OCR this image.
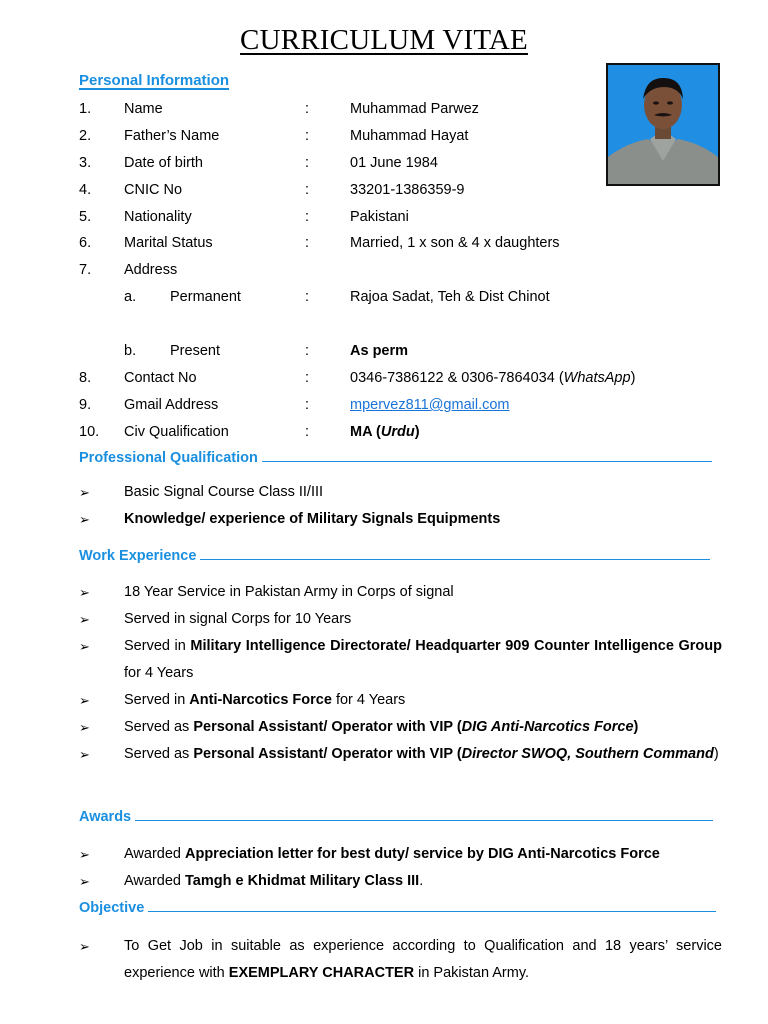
CURRICULUM VITAE
Personal Information
1. Name	:	Muhammad Parwez
2. Father’s Name	:	Muhammad Hayat
3. Date of birth	:	01 June 1984
4. CNIC No	:	33201-1386359-9
5. Nationality	:	Pakistani
6. Marital Status	:	Married, 1 x son & 4 x daughters
7. Address
a. Permanent	:	Rajoa Sadat, Teh & Dist Chinot
b. Present	:	As perm
8. Contact No	:	0346-7386122 & 0306-7864034 (WhatsApp)
9. Gmail Address	:	mpervez811@gmail.com
10. Civ Qualification	:	MA (Urdu)
Professional Qualification
➢ Basic Signal Course Class II/III
➢ Knowledge/ experience of Military Signals Equipments
Work Experience
➢ 18 Year Service in Pakistan Army in Corps of signal
➢ Served in signal Corps for 10 Years
➢ Served in Military Intelligence Directorate/ Headquarter 909 Counter Intelligence Group for 4 Years
➢ Served in Anti-Narcotics Force for 4 Years
➢ Served as Personal Assistant/ Operator with VIP (DIG Anti-Narcotics Force)
➢ Served as Personal Assistant/ Operator with VIP (Director SWOQ, Southern Command)
Awards
➢ Awarded Appreciation letter for best duty/ service by DIG Anti-Narcotics Force
➢ Awarded Tamgh e Khidmat Military Class III.
Objective
➢ To Get Job in suitable as experience according to Qualification and 18 years’ service experience with EXEMPLARY CHARACTER in Pakistan Army.
